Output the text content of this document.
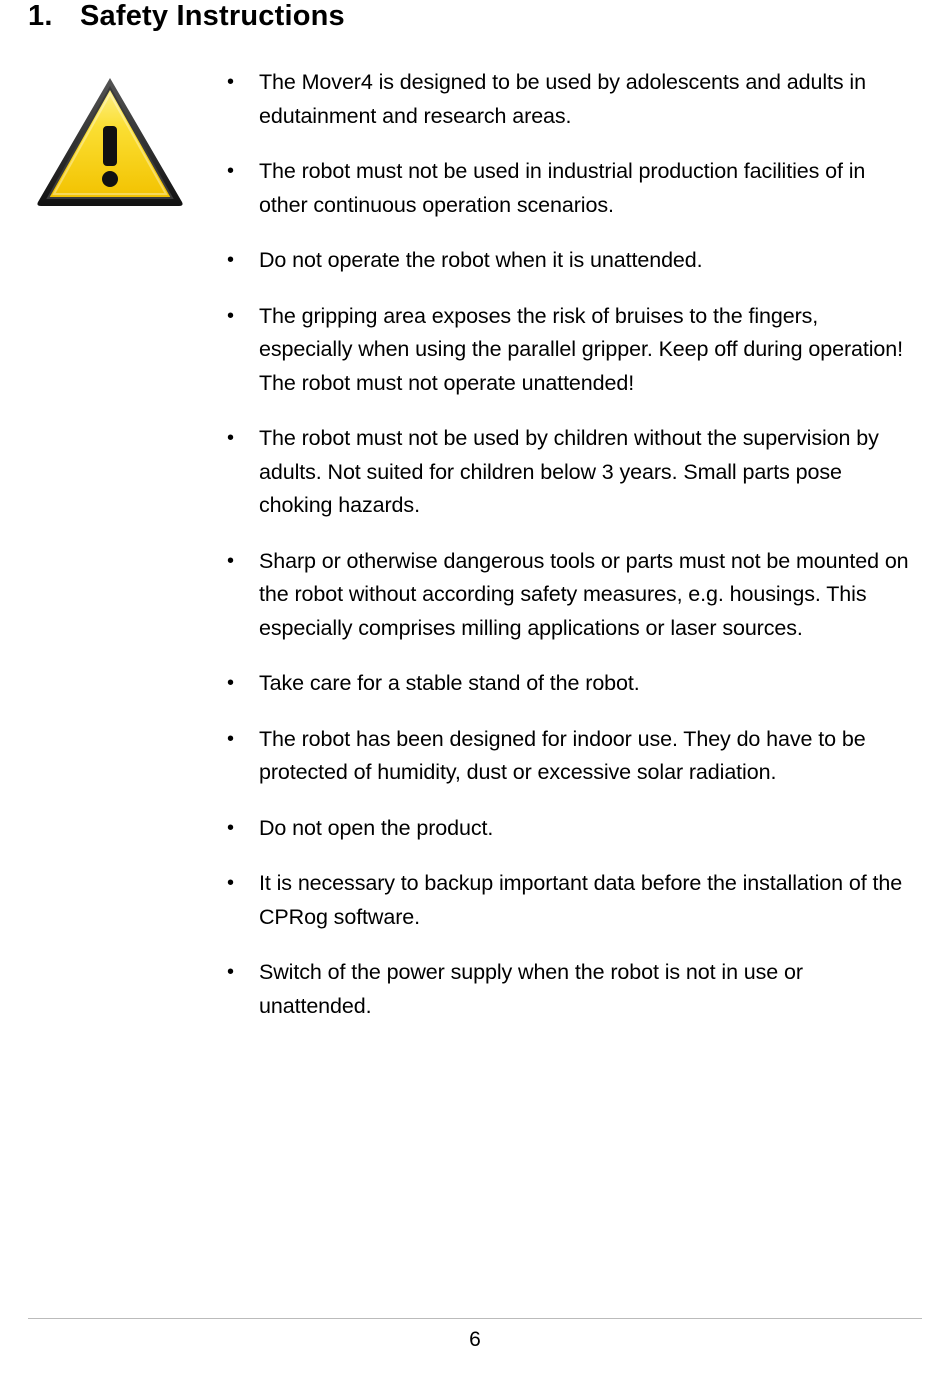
1. Safety Instructions
• The Mover4 is designed to be used by adolescents and adults in edutainment and research areas.
• The robot must not be used in industrial production facilities of in other continuous operation scenarios.
• Do not operate the robot when it is unattended.
• The gripping area exposes the risk of bruises to the fingers, especially when using the parallel gripper. Keep off during operation! The robot must not operate unattended!
• The robot must not be used by children without the supervision by adults. Not suited for children below 3 years. Small parts pose choking hazards.
• Sharp or otherwise dangerous tools or parts must not be mounted on the robot without according safety measures, e.g. housings. This especially comprises milling applications or laser sources.
• Take care for a stable stand of the robot.
• The robot has been designed for indoor use. They do have to be protected of humidity, dust or excessive solar radiation.
• Do not open the product.
• It is necessary to backup important data before the installation of the CPRog software.
• Switch of the power supply when the robot is not in use or unattended.
6
